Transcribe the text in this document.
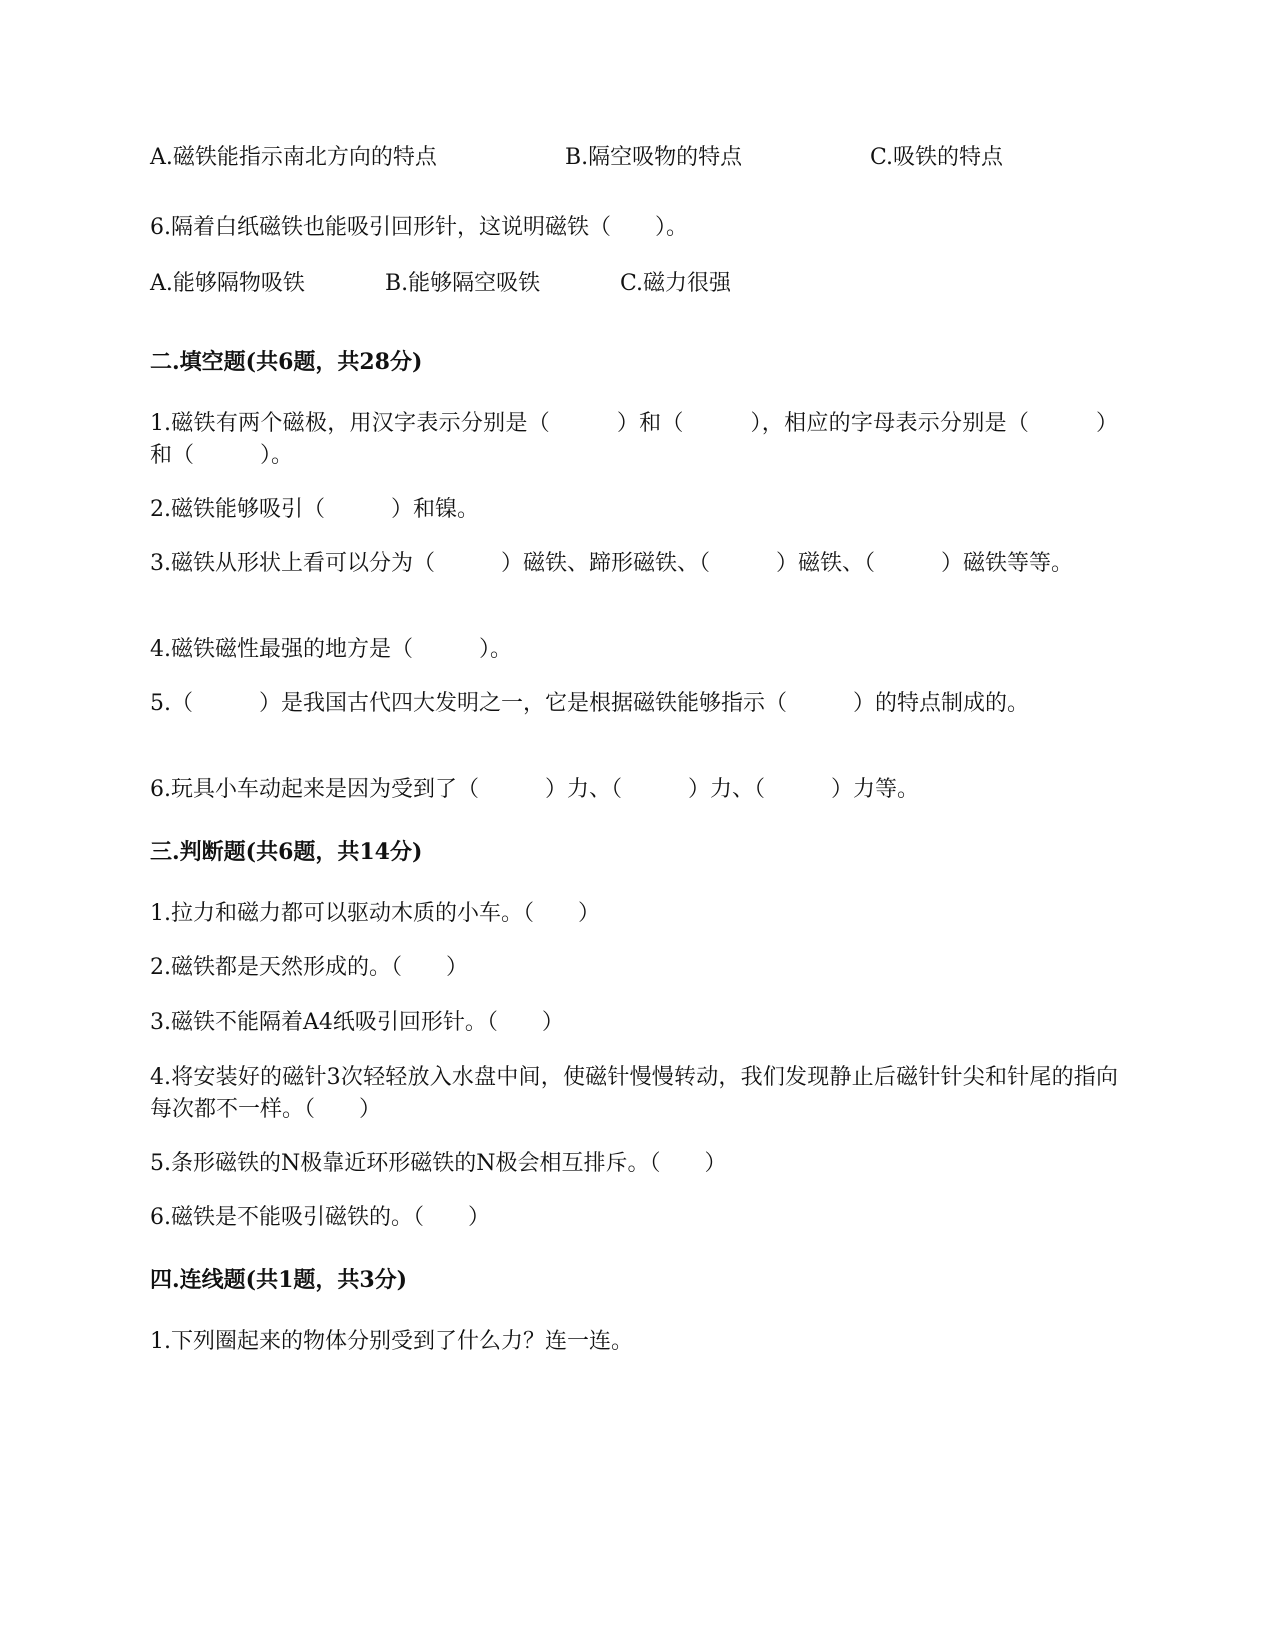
A.磁铁能指示南北方向的特点	B.隔空吸物的特点	C.吸铁的特点
6.隔着白纸磁铁也能吸引回形针，这说明磁铁（　　）。
A.能够隔物吸铁	B.能够隔空吸铁	C.磁力很强
二.填空题(共6题，共28分)
1.磁铁有两个磁极，用汉字表示分别是（　　　）和（　　　），相应的字母表示分别是（　　　）和（　　　）。
2.磁铁能够吸引（　　　）和镍。
3.磁铁从形状上看可以分为（　　　）磁铁、蹄形磁铁、（　　　）磁铁、（　　　）磁铁等等。
4.磁铁磁性最强的地方是（　　　）。
5.（　　　）是我国古代四大发明之一，它是根据磁铁能够指示（　　　）的特点制成的。
6.玩具小车动起来是因为受到了（　　　）力、（　　　）力、（　　　）力等。
三.判断题(共6题，共14分)
1.拉力和磁力都可以驱动木质的小车。（　　）
2.磁铁都是天然形成的。（　　）
3.磁铁不能隔着A4纸吸引回形针。（　　）
4.将安装好的磁针3次轻轻放入水盘中间，使磁针慢慢转动，我们发现静止后磁针针尖和针尾的指向每次都不一样。（　　）
5.条形磁铁的N极靠近环形磁铁的N极会相互排斥。（　　）
6.磁铁是不能吸引磁铁的。（　　）
四.连线题(共1题，共3分)
1.下列圈起来的物体分别受到了什么力？连一连。
